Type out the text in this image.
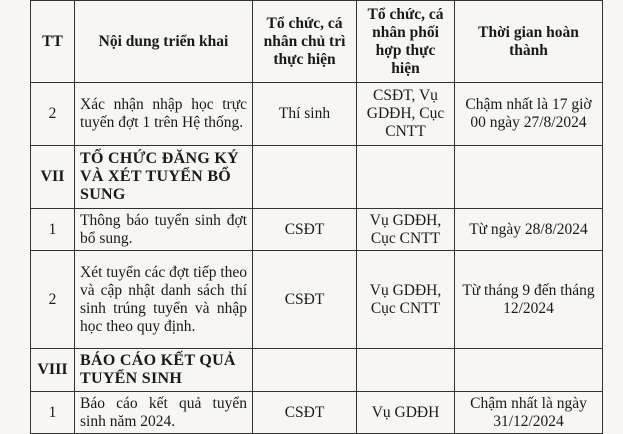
TT	Nội dung triển khai	Tổ chức, cá nhân chủ trì thực hiện	Tổ chức, cá nhân phối hợp thực hiện	Thời gian hoàn thành
2	Xác nhận nhập học trực tuyến đợt 1 trên Hệ thống.	Thí sinh	CSĐT, Vụ GDĐH, Cục CNTT	Chậm nhất là 17 giờ 00 ngày 27/8/2024
VII	TỔ CHỨC ĐĂNG KÝ VÀ XÉT TUYỂN BỔ SUNG			
1	Thông báo tuyển sinh đợt bổ sung.	CSĐT	Vụ GDĐH, Cục CNTT	Từ ngày 28/8/2024
2	Xét tuyển các đợt tiếp theo và cập nhật danh sách thí sinh trúng tuyển và nhập học theo quy định.	CSĐT	Vụ GDĐH, Cục CNTT	Từ tháng 9 đến tháng 12/2024
VIII	BÁO CÁO KẾT QUẢ TUYỂN SINH			
1	Báo cáo kết quả tuyển sinh năm 2024.	CSĐT	Vụ GDĐH	Chậm nhất là ngày 31/12/2024
